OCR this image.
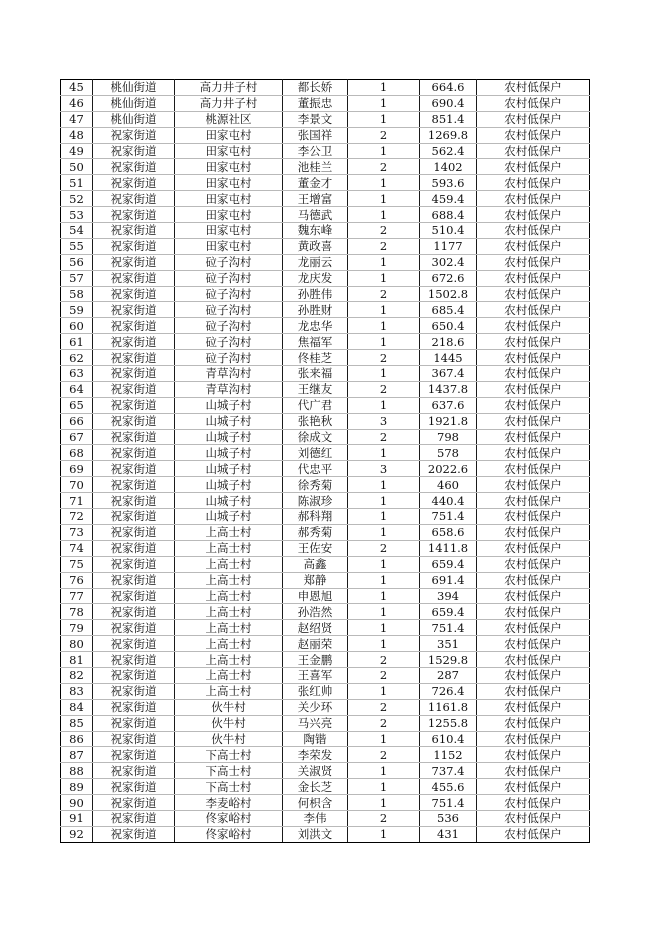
45	桃仙街道	高力井子村	都长娇	1	664.6	农村低保户
46	桃仙街道	高力井子村	董振忠	1	690.4	农村低保户
47	桃仙街道	桃源社区	李景文	1	851.4	农村低保户
48	祝家街道	田家屯村	张国祥	2	1269.8	农村低保户
49	祝家街道	田家屯村	李公卫	1	562.4	农村低保户
50	祝家街道	田家屯村	池桂兰	2	1402	农村低保户
51	祝家街道	田家屯村	董金才	1	593.6	农村低保户
52	祝家街道	田家屯村	王增富	1	459.4	农村低保户
53	祝家街道	田家屯村	马德武	1	688.4	农村低保户
54	祝家街道	田家屯村	魏东峰	2	510.4	农村低保户
55	祝家街道	田家屯村	黄政喜	2	1177	农村低保户
56	祝家街道	砬子沟村	龙丽云	1	302.4	农村低保户
57	祝家街道	砬子沟村	龙庆发	1	672.6	农村低保户
58	祝家街道	砬子沟村	孙胜伟	2	1502.8	农村低保户
59	祝家街道	砬子沟村	孙胜财	1	685.4	农村低保户
60	祝家街道	砬子沟村	龙忠华	1	650.4	农村低保户
61	祝家街道	砬子沟村	焦福军	1	218.6	农村低保户
62	祝家街道	砬子沟村	佟桂芝	2	1445	农村低保户
63	祝家街道	青草沟村	张来福	1	367.4	农村低保户
64	祝家街道	青草沟村	王继友	2	1437.8	农村低保户
65	祝家街道	山城子村	代广君	1	637.6	农村低保户
66	祝家街道	山城子村	张艳秋	3	1921.8	农村低保户
67	祝家街道	山城子村	徐成文	2	798	农村低保户
68	祝家街道	山城子村	刘德红	1	578	农村低保户
69	祝家街道	山城子村	代忠平	3	2022.6	农村低保户
70	祝家街道	山城子村	徐秀菊	1	460	农村低保户
71	祝家街道	山城子村	陈淑珍	1	440.4	农村低保户
72	祝家街道	山城子村	郝科翔	1	751.4	农村低保户
73	祝家街道	上高士村	郝秀菊	1	658.6	农村低保户
74	祝家街道	上高士村	王佐安	2	1411.8	农村低保户
75	祝家街道	上高士村	高鑫	1	659.4	农村低保户
76	祝家街道	上高士村	郑静	1	691.4	农村低保户
77	祝家街道	上高士村	申恩旭	1	394	农村低保户
78	祝家街道	上高士村	孙浩然	1	659.4	农村低保户
79	祝家街道	上高士村	赵绍贤	1	751.4	农村低保户
80	祝家街道	上高士村	赵丽荣	1	351	农村低保户
81	祝家街道	上高士村	王金鹏	2	1529.8	农村低保户
82	祝家街道	上高士村	王喜军	2	287	农村低保户
83	祝家街道	上高士村	张红帅	1	726.4	农村低保户
84	祝家街道	伙牛村	关少环	2	1161.8	农村低保户
85	祝家街道	伙牛村	马兴亮	2	1255.8	农村低保户
86	祝家街道	伙牛村	陶锴	1	610.4	农村低保户
87	祝家街道	下高士村	李荣发	2	1152	农村低保户
88	祝家街道	下高士村	关淑贤	1	737.4	农村低保户
89	祝家街道	下高士村	金长芝	1	455.6	农村低保户
90	祝家街道	李麦峪村	何枳含	1	751.4	农村低保户
91	祝家街道	佟家峪村	李伟	2	536	农村低保户
92	祝家街道	佟家峪村	刘洪文	1	431	农村低保户
